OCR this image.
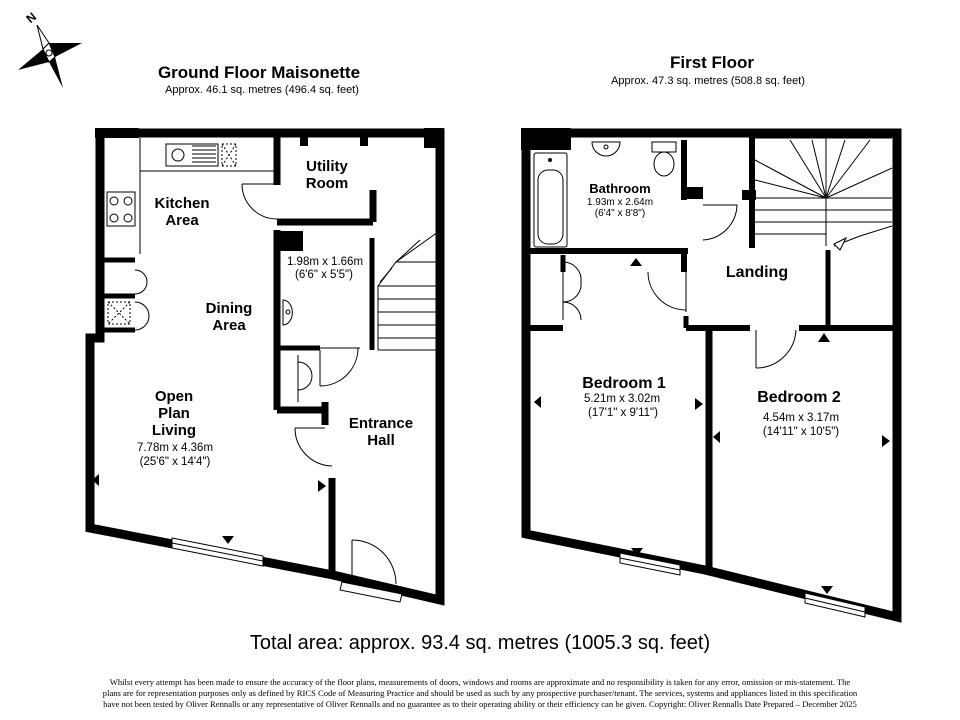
N
Ground Floor Maisonette
Approx. 46.1 sq. metres (496.4 sq. feet)
First Floor
Approx. 47.3 sq. metres (508.8 sq. feet)
Kitchen
Area
Utility
Room
Dining
Area
1.98m x 1.66m
(6'6" x 5'5")
Open
Plan
Living
7.78m x 4.36m
(25'6" x 14'4")
Entrance
Hall
Bathroom
1.93m x 2.64m
(6'4" x 8'8")
Landing
Bedroom 1
5.21m x 3.02m
(17'1" x 9'11")
Bedroom 2
4.54m x 3.17m
(14'11" x 10'5")
Total area: approx. 93.4 sq. metres (1005.3 sq. feet)
Whilst every attempt has been made to ensure the accuracy of the floor plans, measurements of doors, windows and rooms are approximate and no responsibility is taken for any error, omission or mis-statement. The
plans are for representation purposes only as defined by RICS Code of Measuring Practice and should be used as such by any prospective purchaser/tenant. The services, systems and appliances listed in this specification
have not been tested by Oliver Rennalls or any representative of Oliver Rennalls and no guarantee as to their operating ability or their efficiency can be given. Copyright: Oliver Rennalls Date Prepared – December 2025
